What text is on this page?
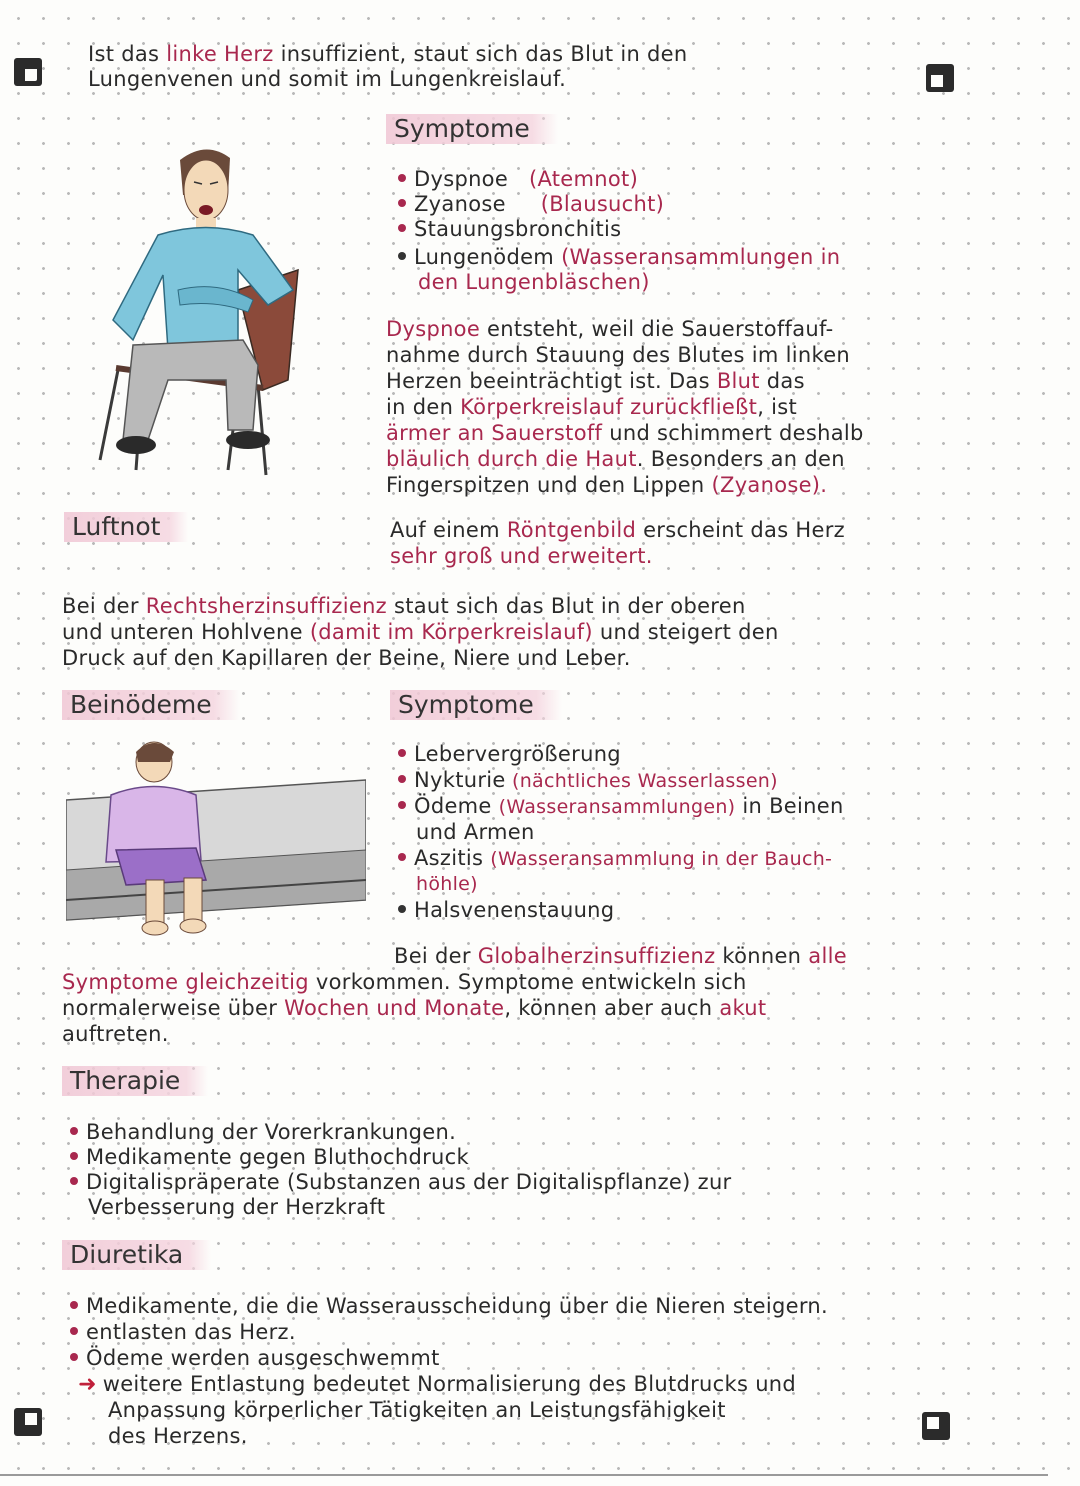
Ist das linke Herz insuffizient, staut sich das Blut in den
Lungenvenen und somit im Lungenkreislauf.
Symptome
Dyspnoe (Atemnot)
Zyanose (Blausucht)
Stauungsbronchitis
Lungenödem (Wasseransammlungen in
den Lungenbläschen)
Dyspnoe entsteht, weil die Sauerstoffauf-
nahme durch Stauung des Blutes im linken
Herzen beeinträchtigt ist. Das Blut das
in den Körperkreislauf zurückfließt, ist
ärmer an Sauerstoff und schimmert deshalb
bläulich durch die Haut. Besonders an den
Fingerspitzen und den Lippen (Zyanose).
Luftnot	Auf einem Röntgenbild erscheint das Herz
sehr groß und erweitert.
Bei der Rechtsherzinsuffizienz staut sich das Blut in der oberen
und unteren Hohlvene (damit im Körperkreislauf) und steigert den
Druck auf den Kapillaren der Beine, Niere und Leber.
Beinödeme	Symptome
Lebervergrößerung
Nykturie (nächtliches Wasserlassen)
Ödeme (Wasseransammlungen) in Beinen
und Armen
Aszitis (Wasseransammlung in der Bauch-
höhle)
Halsvenenstauung
Bei der Globalherzinsuffizienz können alle
Symptome gleichzeitig vorkommen. Symptome entwickeln sich
normalerweise über Wochen und Monate, können aber auch akut
auftreten.
Therapie
Behandlung der Vorerkrankungen.
Medikamente gegen Bluthochdruck
Digitalispräperate (Substanzen aus der Digitalispflanze) zur
Verbesserung der Herzkraft
Diuretika
Medikamente, die die Wasserausscheidung über die Nieren steigern.
entlasten das Herz.
Ödeme werden ausgeschwemmt
➜ weitere Entlastung bedeutet Normalisierung des Blutdrucks und
Anpassung körperlicher Tätigkeiten an Leistungsfähigkeit
des Herzens.
